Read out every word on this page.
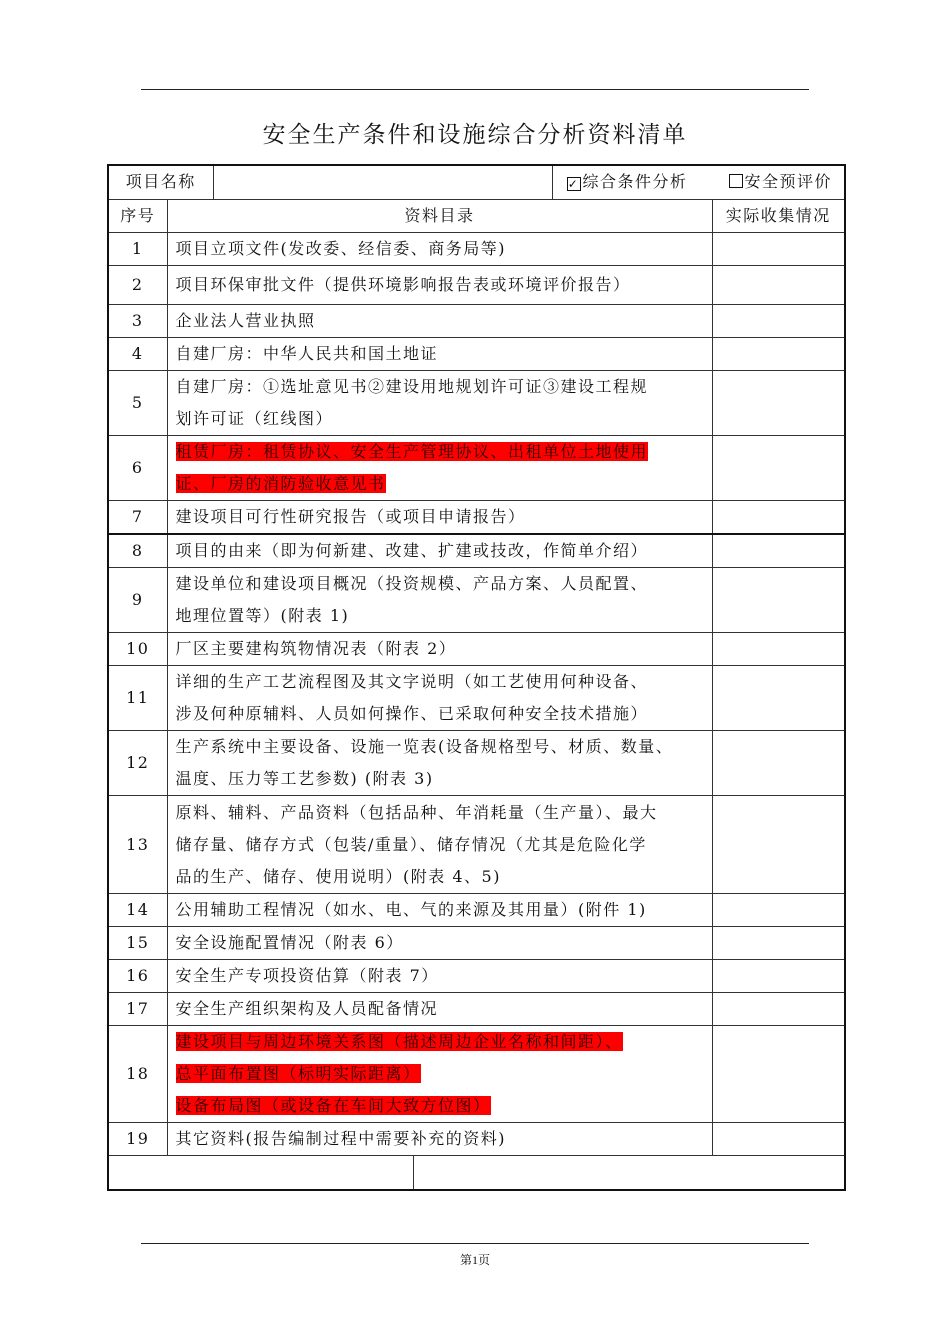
安全生产条件和设施综合分析资料清单
项目名称				✓ 综合条件分析 安全预评价	

序号	资料目录				实际收集情况
1	项目立项文件(发改委、经信委、商务局等)				

2	项目环保审批文件（提供环境影响报告表或环境评价报告）				

3	企业法人营业执照				

4	自建厂房：中华人民共和国土地证				

5	自建厂房：①选址意见书②建设用地规划许可证③建设工程规
划许可证（红线图）				

6	租赁厂房：租赁协议、安全生产管理协议、出租单位土地使用
证、厂房的消防验收意见书				

7	建设项目可行性研究报告（或项目申请报告）				

8	项目的由来（即为何新建、改建、扩建或技改，作简单介绍）				

9	建设单位和建设项目概况（投资规模、产品方案、人员配置、
地理位置等）(附表 1)				

10	厂区主要建构筑物情况表（附表 2）				

11	详细的生产工艺流程图及其文字说明（如工艺使用何种设备、
涉及何种原辅料、人员如何操作、已采取何种安全技术措施）				

12	生产系统中主要设备、设施一览表(设备规格型号、材质、数量、
温度、压力等工艺参数) (附表 3)				

13	原料、辅料、产品资料（包括品种、年消耗量（生产量）、最大
储存量、储存方式（包装/重量）、储存情况（尤其是危险化学
品的生产、储存、使用说明）(附表 4、5)				

14	公用辅助工程情况（如水、电、气的来源及其用量）(附件 1)				

15	安全设施配置情况（附表 6）				

16	安全生产专项投资估算（附表 7）				

17	安全生产组织架构及人员配备情况				

18	建设项目与周边环境关系图（描述周边企业名称和间距）、
总平面布置图（标明实际距离）
设备布局图（或设备在车间大致方位图）				

19	其它资料(报告编制过程中需要补充的资料)				

第1页
